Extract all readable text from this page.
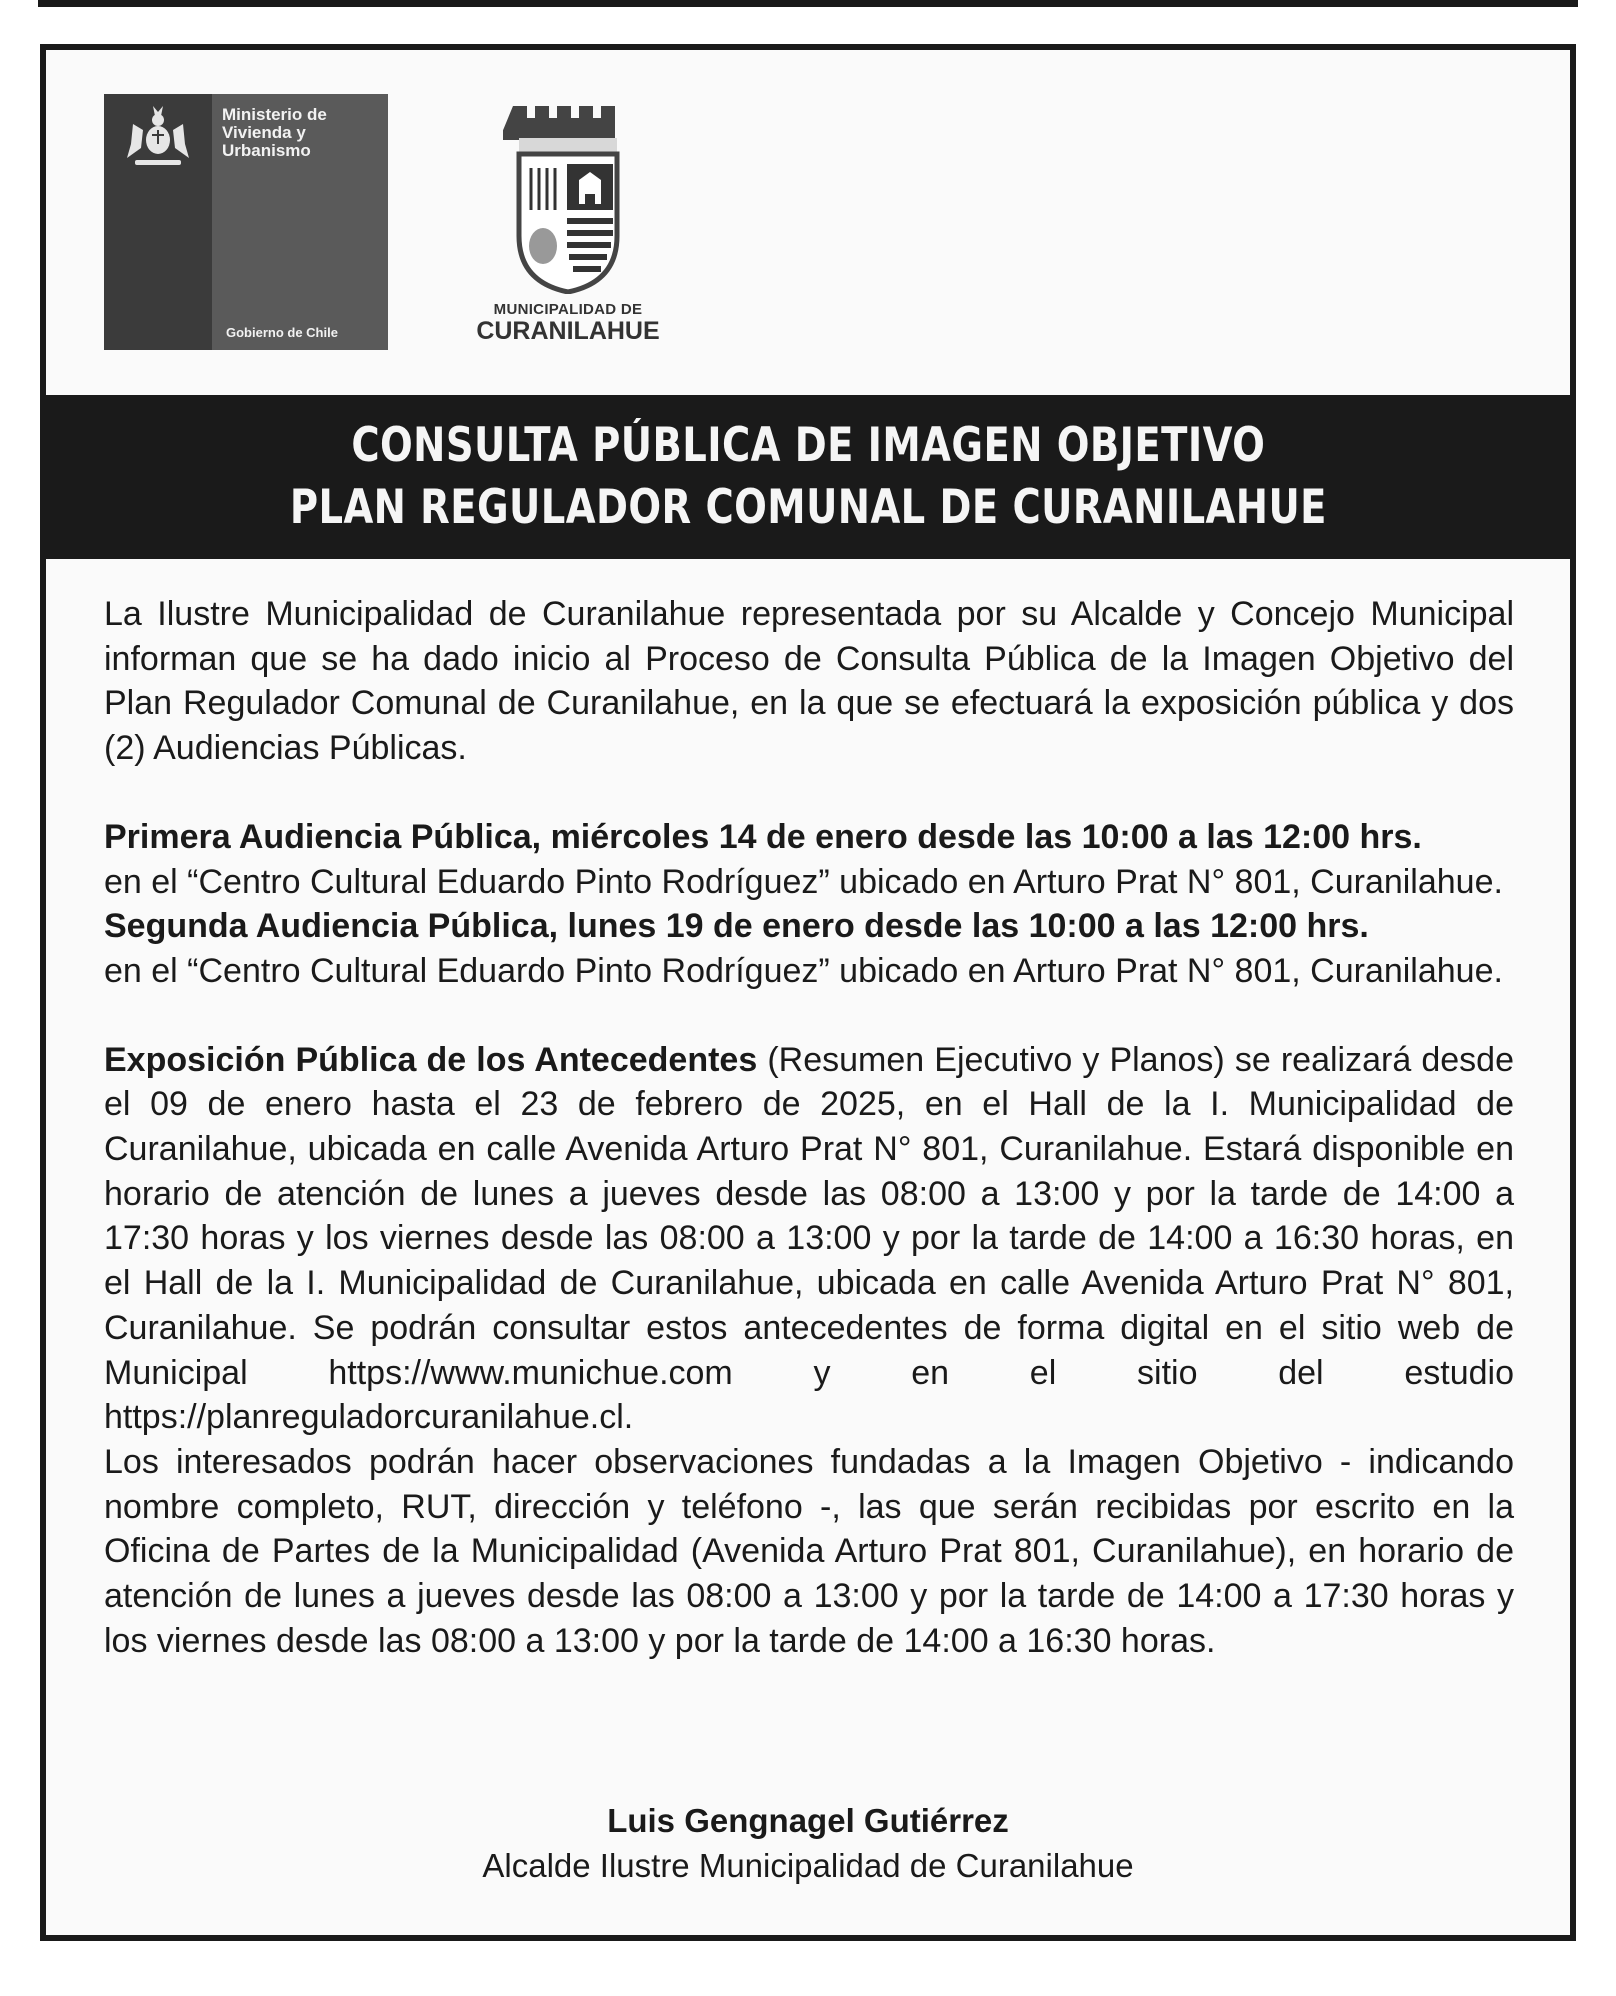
Ministerio de
Vivienda y
Urbanismo
Gobierno de Chile
MUNICIPALIDAD DE
CURANILAHUE
CONSULTA PÚBLICA DE IMAGEN OBJETIVO
PLAN REGULADOR COMUNAL DE CURANILAHUE

La Ilustre Municipalidad de Curanilahue representada por su Alcalde y Concejo Municipal informan que se ha dado inicio al Proceso de Consulta Pública de la Imagen Objetivo del Plan Regulador Comunal de Curanilahue, en la que se efectuará la exposición pública y dos (2) Audiencias Públicas.

Primera Audiencia Pública, miércoles 14 de enero desde las 10:00 a las 12:00 hrs.

en el “Centro Cultural Eduardo Pinto Rodríguez” ubicado en Arturo Prat N° 801, Curanilahue.

Segunda Audiencia Pública, lunes 19 de enero desde las 10:00 a las 12:00 hrs.

en el “Centro Cultural Eduardo Pinto Rodríguez” ubicado en Arturo Prat N° 801, Curanilahue.

Exposición Pública de los Antecedentes (Resumen Ejecutivo y Planos) se realizará desde el 09 de enero hasta el 23 de febrero de 2025, en el Hall de la I. Municipalidad de Curanilahue, ubicada en calle Avenida Arturo Prat N° 801, Curanilahue. Estará disponible en horario de atención de lunes a jueves desde las 08:00 a 13:00 y por la tarde de 14:00 a 17:30 horas y los viernes desde las 08:00 a 13:00 y por la tarde de 14:00 a 16:30 horas, en el Hall de la I. Municipalidad de Curanilahue, ubicada en calle Avenida Arturo Prat N° 801, Curanilahue. Se podrán consultar estos antecedentes de forma digital en el sitio web de Municipal https://www.munichue.com y en el sitio del estudio https://planreguladorcuranilahue.cl.

Los interesados podrán hacer observaciones fundadas a la Imagen Objetivo - indicando nombre completo, RUT, dirección y teléfono -, las que serán recibidas por escrito en la Oficina de Partes de la Municipalidad (Avenida Arturo Prat 801, Curanilahue), en horario de atención de lunes a jueves desde las 08:00 a 13:00 y por la tarde de 14:00 a 17:30 horas y los viernes desde las 08:00 a 13:00 y por la tarde de 14:00 a 16:30 horas.

Luis Gengnagel Gutiérrez
Alcalde Ilustre Municipalidad de Curanilahue
